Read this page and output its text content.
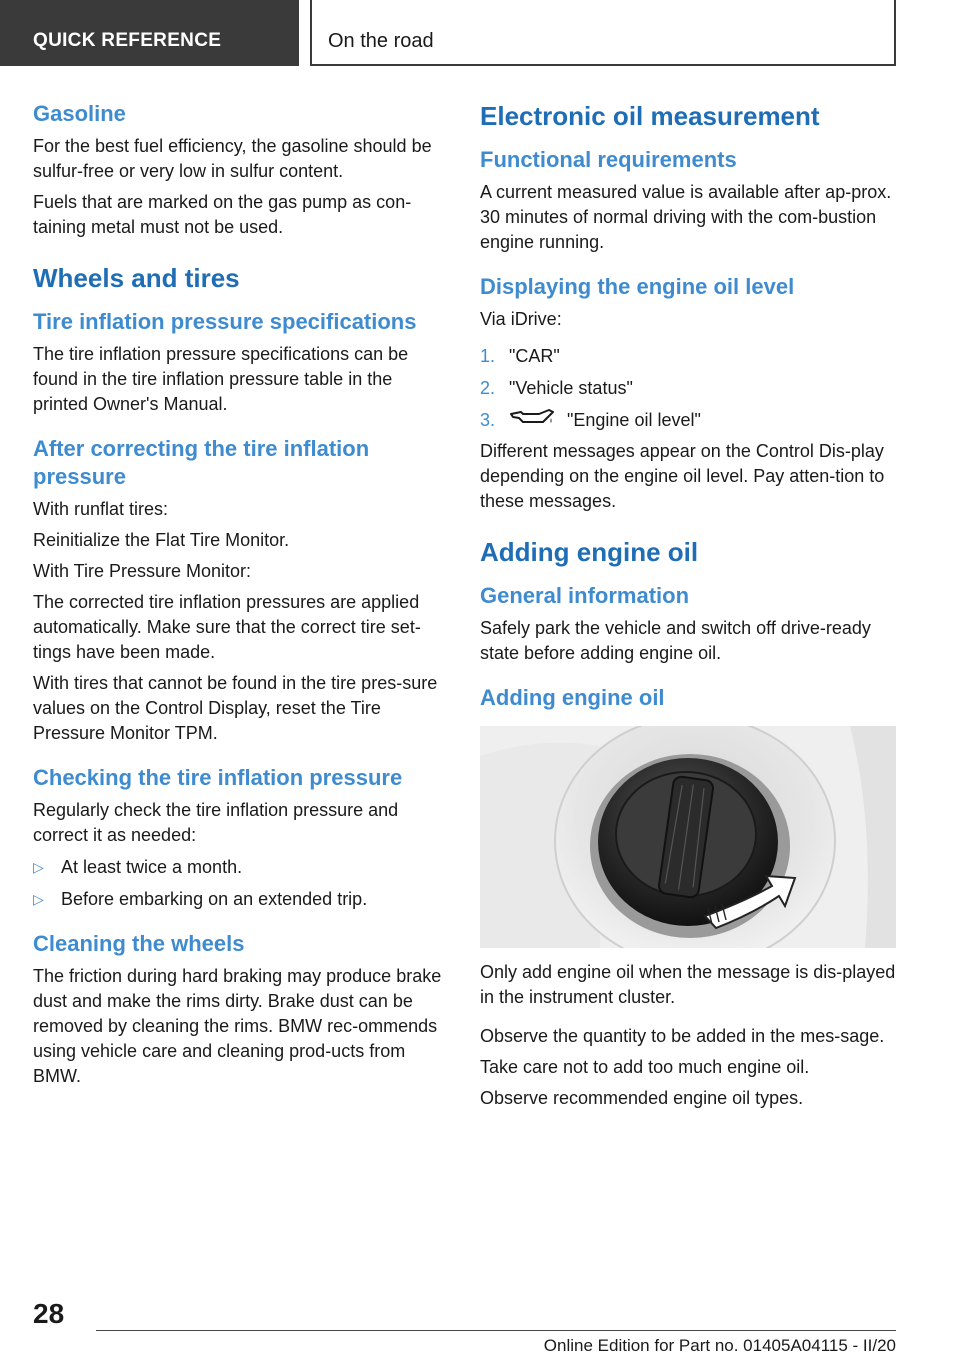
QUICK REFERENCE	On the road
Gasoline

For the best fuel efficiency, the gasoline should be sulfur-free or very low in sulfur content.

Fuels that are marked on the gas pump as con‐taining metal must not be used.

Wheels and tires
Tire inflation pressure specifications

The tire inflation pressure specifications can be found in the tire inflation pressure table in the printed Owner's Manual.

After correcting the tire inflation pressure

With runflat tires:

Reinitialize the Flat Tire Monitor.

With Tire Pressure Monitor:

The corrected tire inflation pressures are applied automatically. Make sure that the correct tire set‐tings have been made.

With tires that cannot be found in the tire pres‐sure values on the Control Display, reset the Tire Pressure Monitor TPM.

Checking the tire inflation pressure

Regularly check the tire inflation pressure and correct it as needed:

▷ At least twice a month.
▷ Before embarking on an extended trip.
Cleaning the wheels

The friction during hard braking may produce brake dust and make the rims dirty. Brake dust can be removed by cleaning the rims. BMW rec‐ommends using vehicle care and cleaning prod‐ucts from BMW.

Electronic oil measurement
Functional requirements

A current measured value is available after ap‐prox. 30 minutes of normal driving with the com‐bustion engine running.

Displaying the engine oil level

Via iDrive:

1. "CAR"
2. "Vehicle status"
3.	"Engine oil level"

Different messages appear on the Control Dis‐play depending on the engine oil level. Pay atten‐tion to these messages.

Adding engine oil
General information

Safely park the vehicle and switch off drive-ready state before adding engine oil.

Adding engine oil

Only add engine oil when the message is dis‐played in the instrument cluster.

Observe the quantity to be added in the mes‐sage.

Take care not to add too much engine oil.

Observe recommended engine oil types.

28
Online Edition for Part no. 01405A04115 - II/20
